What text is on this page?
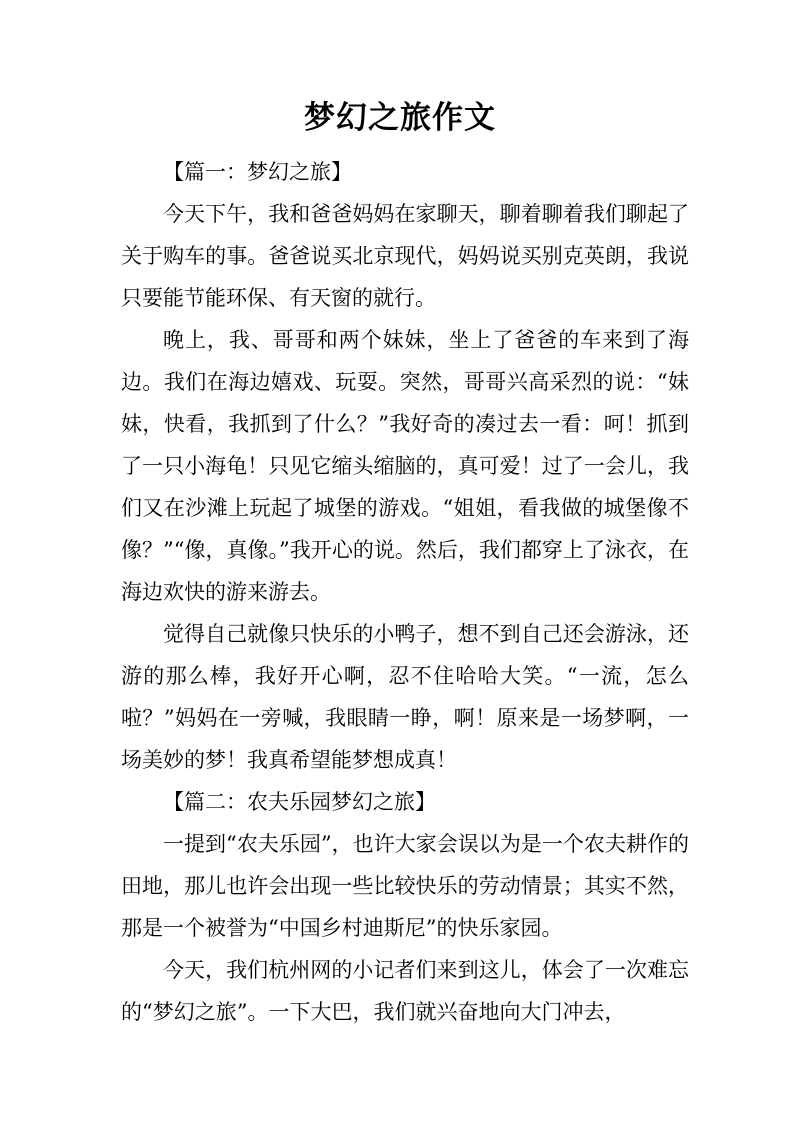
梦幻之旅作文

【篇一：梦幻之旅】

今天下午，我和爸爸妈妈在家聊天，聊着聊着我们聊起了关于购车的事。爸爸说买北京现代，妈妈说买别克英朗，我说只要能节能环保、有天窗的就行。

晚上，我、哥哥和两个妹妹，坐上了爸爸的车来到了海边。我们在海边嬉戏、玩耍。突然，哥哥兴高采烈的说：“妹妹，快看，我抓到了什么？”我好奇的凑过去一看：呵！抓到了一只小海龟！只见它缩头缩脑的，真可爱！过了一会儿，我们又在沙滩上玩起了城堡的游戏。“姐姐，看我做的城堡像不像？”“像，真像。”我开心的说。然后，我们都穿上了泳衣，在海边欢快的游来游去。

觉得自己就像只快乐的小鸭子，想不到自己还会游泳，还游的那么棒，我好开心啊，忍不住哈哈大笑。“一流，怎么啦？”妈妈在一旁喊，我眼睛一睁，啊！原来是一场梦啊，一场美妙的梦！我真希望能梦想成真！

【篇二：农夫乐园梦幻之旅】

一提到“农夫乐园”，也许大家会误以为是一个农夫耕作的田地，那儿也许会出现一些比较快乐的劳动情景；其实不然，那是一个被誉为“中国乡村迪斯尼”的快乐家园。

今天，我们杭州网的小记者们来到这儿，体会了一次难忘的“梦幻之旅”。一下大巴，我们就兴奋地向大门冲去，
